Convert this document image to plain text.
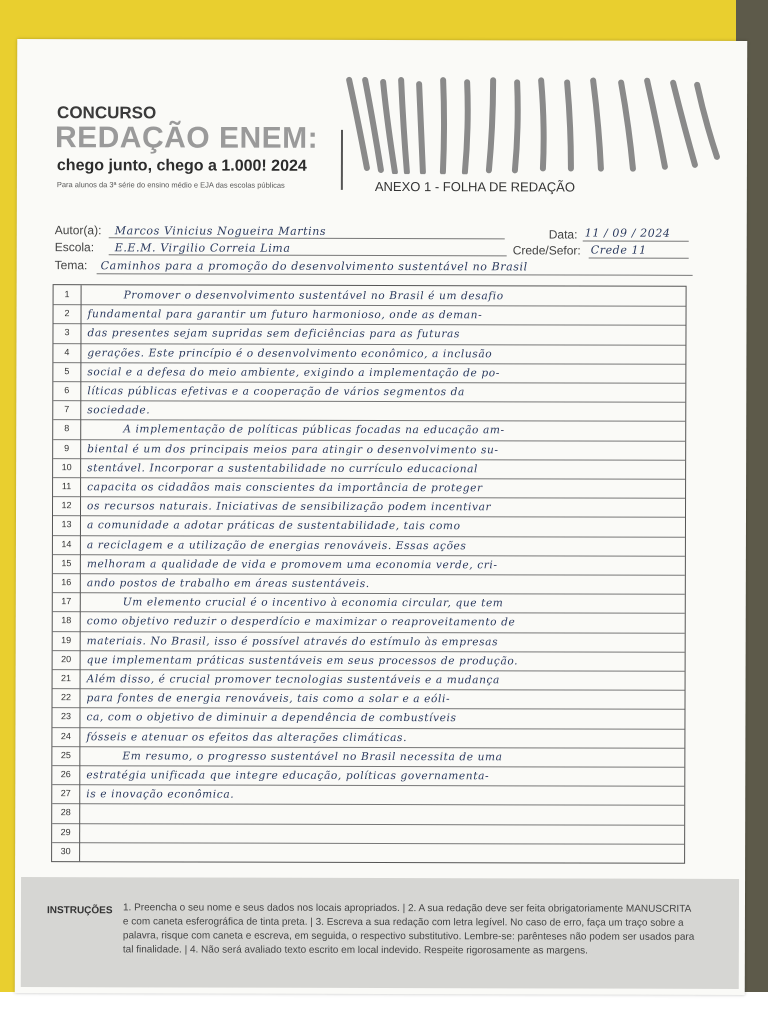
CONCURSO
REDAÇÃO ENEM:
chego junto, chego a 1.000! 2024
Para alunos da 3ª série do ensino médio e EJA das escolas públicas	ANEXO 1 - FOLHA DE REDAÇÃO
Autor(a): Marcos Vinicius Nogueira Martins	Data: 11 / 09 / 2024
Escola: E.E.M. Virgilio Correia Lima	Crede/Sefor: Crede 11
Tema: Caminhos para a promoção do desenvolvimento sustentável no Brasil
1	Promover o desenvolvimento sustentável no Brasil é um desafio
2	fundamental para garantir um futuro harmonioso, onde as deman-
3	das presentes sejam supridas sem deficiências para as futuras
4	gerações. Este princípio é o desenvolvimento econômico, a inclusão
5	social e a defesa do meio ambiente, exigindo a implementação de po-
6	líticas públicas efetivas e a cooperação de vários segmentos da
7	sociedade.
8	A implementação de políticas públicas focadas na educação am-
9	biental é um dos principais meios para atingir o desenvolvimento su-
10	stentável. Incorporar a sustentabilidade no currículo educacional
11	capacita os cidadãos mais conscientes da importância de proteger
12	os recursos naturais. Iniciativas de sensibilização podem incentivar
13	a comunidade a adotar práticas de sustentabilidade, tais como
14	a reciclagem e a utilização de energias renováveis. Essas ações
15	melhoram a qualidade de vida e promovem uma economia verde, cri-
16	ando postos de trabalho em áreas sustentáveis.
17	Um elemento crucial é o incentivo à economia circular, que tem
18	como objetivo reduzir o desperdício e maximizar o reaproveitamento de
19	materiais. No Brasil, isso é possível através do estímulo às empresas
20	que implementam práticas sustentáveis em seus processos de produção.
21	Além disso, é crucial promover tecnologias sustentáveis e a mudança
22	para fontes de energia renováveis, tais como a solar e a eóli-
23	ca, com o objetivo de diminuir a dependência de combustíveis
24	fósseis e atenuar os efeitos das alterações climáticas.
25	Em resumo, o progresso sustentável no Brasil necessita de uma
26	estratégia unificada que integre educação, políticas governamenta-
27	is e inovação econômica.
28
29
30
INSTRUÇÕES 1. Preencha o seu nome e seus dados nos locais apropriados. | 2. A sua redação deve ser feita obrigatoriamente MANUSCRITA e com caneta esferográfica de tinta preta. | 3. Escreva a sua redação com letra legível. No caso de erro, faça um traço sobre a palavra, risque com caneta e escreva, em seguida, o respectivo substitutivo. Lembre-se: parênteses não podem ser usados para tal finalidade. | 4. Não será avaliado texto escrito em local indevido. Respeite rigorosamente as margens.
